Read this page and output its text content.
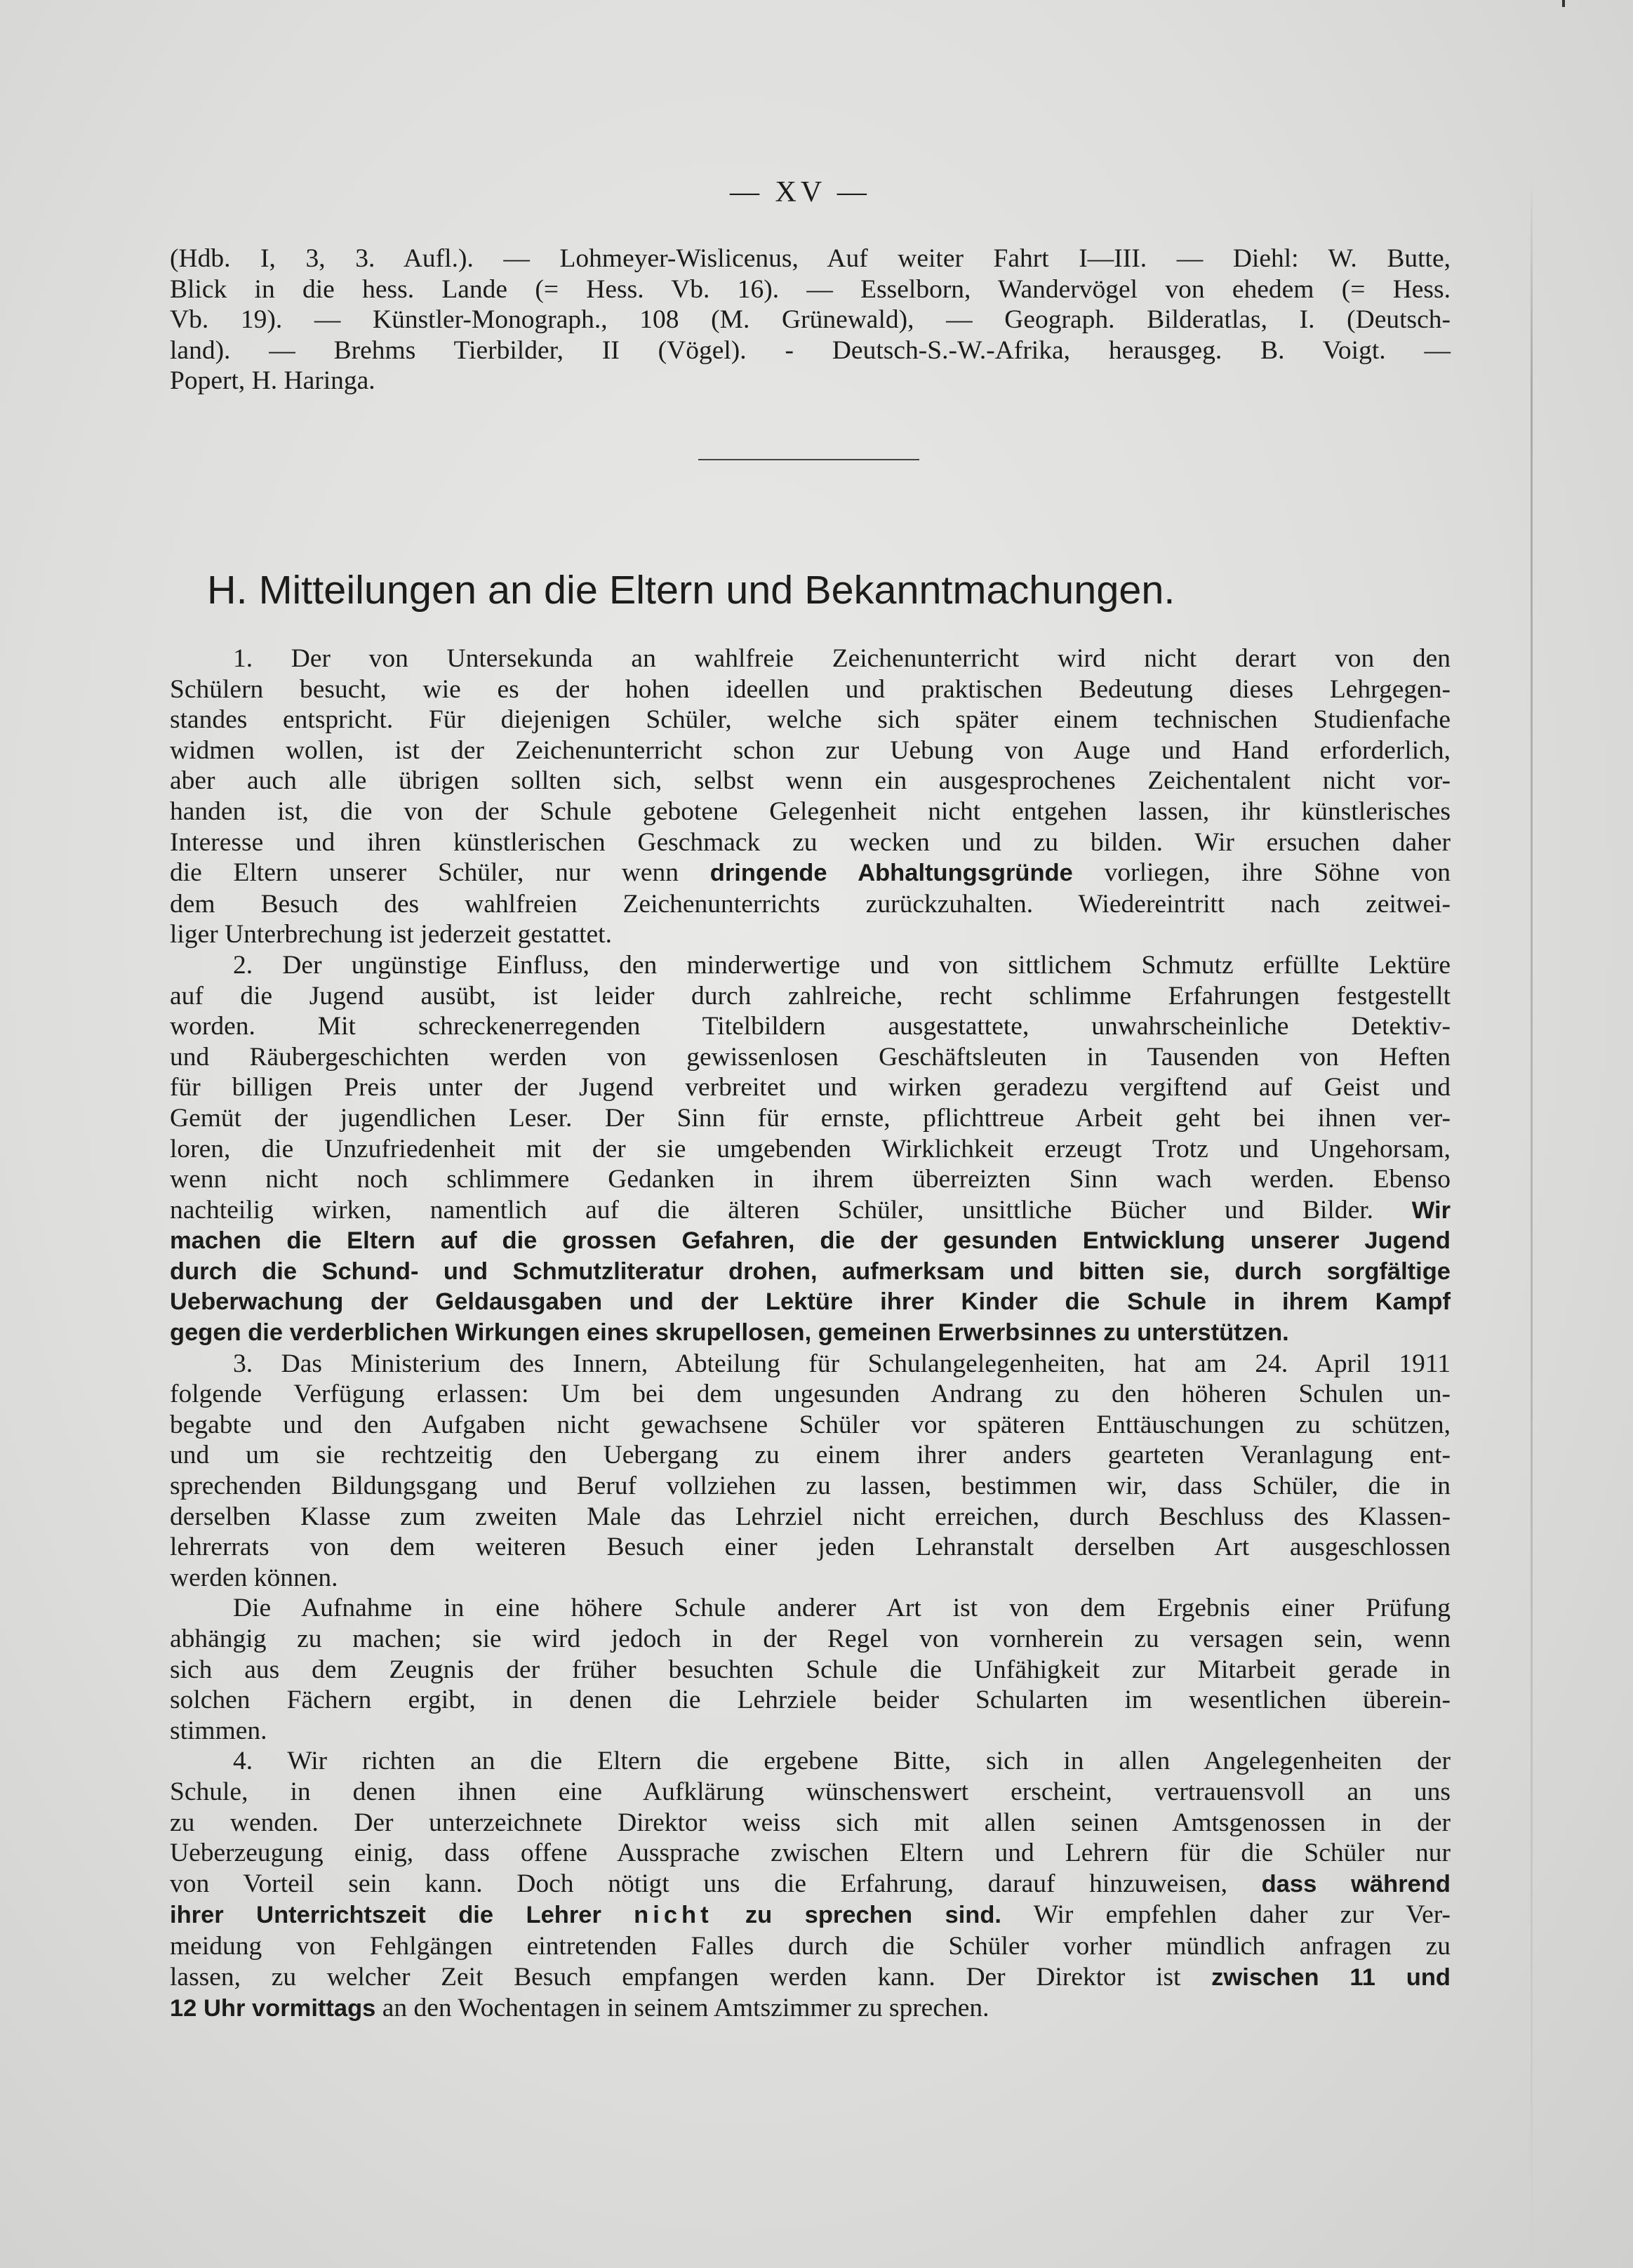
— XV —
(Hdb. I, 3, 3. Aufl.). — Lohmeyer-Wislicenus, Auf weiter Fahrt I—III. — Diehl: W. Butte,
Blick in die hess. Lande (= Hess. Vb. 16). — Esselborn, Wandervögel von ehedem (= Hess.
Vb. 19). — Künstler-Monograph., 108 (M. Grünewald), — Geograph. Bilderatlas, I. (Deutsch-
land). — Brehms Tierbilder, II (Vögel). - Deutsch-S.-W.-Afrika, herausgeg. B. Voigt. —
Popert, H. Haringa.
H. Mitteilungen an die Eltern und Bekanntmachungen.
1. Der von Untersekunda an wahlfreie Zeichenunterricht wird nicht derart von den
Schülern besucht, wie es der hohen ideellen und praktischen Bedeutung dieses Lehrgegen-
standes entspricht. Für diejenigen Schüler, welche sich später einem technischen Studienfache
widmen wollen, ist der Zeichenunterricht schon zur Uebung von Auge und Hand erforderlich,
aber auch alle übrigen sollten sich, selbst wenn ein ausgesprochenes Zeichentalent nicht vor-
handen ist, die von der Schule gebotene Gelegenheit nicht entgehen lassen, ihr künstlerisches
Interesse und ihren künstlerischen Geschmack zu wecken und zu bilden. Wir ersuchen daher
die Eltern unserer Schüler, nur wenn dringende Abhaltungsgründe vorliegen, ihre Söhne von
dem Besuch des wahlfreien Zeichenunterrichts zurückzuhalten. Wiedereintritt nach zeitwei-
liger Unterbrechung ist jederzeit gestattet.
2. Der ungünstige Einfluss, den minderwertige und von sittlichem Schmutz erfüllte Lektüre
auf die Jugend ausübt, ist leider durch zahlreiche, recht schlimme Erfahrungen festgestellt
worden. Mit schreckenerregenden Titelbildern ausgestattete, unwahrscheinliche Detektiv-
und Räubergeschichten werden von gewissenlosen Geschäftsleuten in Tausenden von Heften
für billigen Preis unter der Jugend verbreitet und wirken geradezu vergiftend auf Geist und
Gemüt der jugendlichen Leser. Der Sinn für ernste, pflichttreue Arbeit geht bei ihnen ver-
loren, die Unzufriedenheit mit der sie umgebenden Wirklichkeit erzeugt Trotz und Ungehorsam,
wenn nicht noch schlimmere Gedanken in ihrem überreizten Sinn wach werden. Ebenso
nachteilig wirken, namentlich auf die älteren Schüler, unsittliche Bücher und Bilder. Wir
machen die Eltern auf die grossen Gefahren, die der gesunden Entwicklung unserer Jugend
durch die Schund- und Schmutzliteratur drohen, aufmerksam und bitten sie, durch sorgfältige
Ueberwachung der Geldausgaben und der Lektüre ihrer Kinder die Schule in ihrem Kampf
gegen die verderblichen Wirkungen eines skrupellosen, gemeinen Erwerbsinnes zu unterstützen.
3. Das Ministerium des Innern, Abteilung für Schulangelegenheiten, hat am 24. April 1911
folgende Verfügung erlassen: Um bei dem ungesunden Andrang zu den höheren Schulen un-
begabte und den Aufgaben nicht gewachsene Schüler vor späteren Enttäuschungen zu schützen,
und um sie rechtzeitig den Uebergang zu einem ihrer anders gearteten Veranlagung ent-
sprechenden Bildungsgang und Beruf vollziehen zu lassen, bestimmen wir, dass Schüler, die in
derselben Klasse zum zweiten Male das Lehrziel nicht erreichen, durch Beschluss des Klassen-
lehrerrats von dem weiteren Besuch einer jeden Lehranstalt derselben Art ausgeschlossen
werden können.
Die Aufnahme in eine höhere Schule anderer Art ist von dem Ergebnis einer Prüfung
abhängig zu machen; sie wird jedoch in der Regel von vornherein zu versagen sein, wenn
sich aus dem Zeugnis der früher besuchten Schule die Unfähigkeit zur Mitarbeit gerade in
solchen Fächern ergibt, in denen die Lehrziele beider Schularten im wesentlichen überein-
stimmen.
4. Wir richten an die Eltern die ergebene Bitte, sich in allen Angelegenheiten der
Schule, in denen ihnen eine Aufklärung wünschenswert erscheint, vertrauensvoll an uns
zu wenden. Der unterzeichnete Direktor weiss sich mit allen seinen Amtsgenossen in der
Ueberzeugung einig, dass offene Aussprache zwischen Eltern und Lehrern für die Schüler nur
von Vorteil sein kann. Doch nötigt uns die Erfahrung, darauf hinzuweisen, dass während
ihrer Unterrichtszeit die Lehrer nicht zu sprechen sind. Wir empfehlen daher zur Ver-
meidung von Fehlgängen eintretenden Falles durch die Schüler vorher mündlich anfragen zu
lassen, zu welcher Zeit Besuch empfangen werden kann. Der Direktor ist zwischen 11 und
12 Uhr vormittags an den Wochentagen in seinem Amtszimmer zu sprechen.
